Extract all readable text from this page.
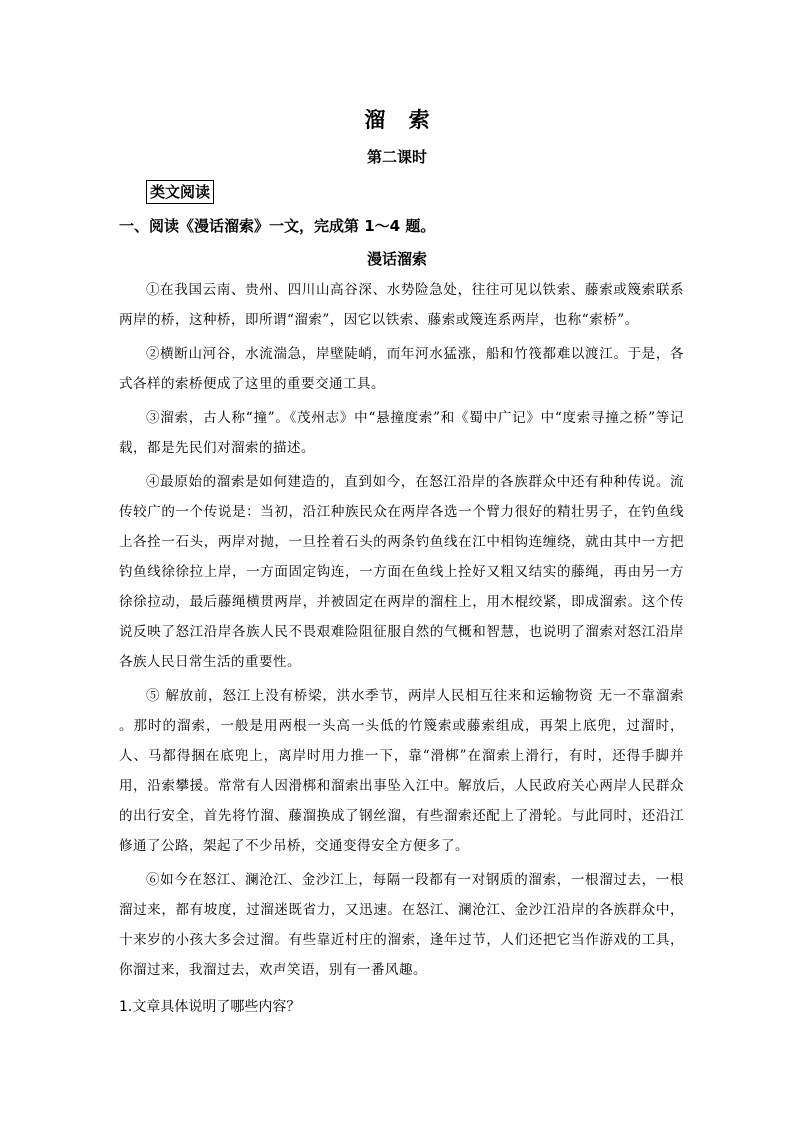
溜 索
第二课时
类文阅读
一、阅读《漫话溜索》一文，完成第 1～4 题。
漫话溜索

①在我国云南、贵州、四川山高谷深、水势险急处，往往可见以铁索、藤索或篾索联系两岸的桥，这种桥，即所谓“溜索”，因它以铁索、藤索或篾连系两岸，也称“索桥”。

②横断山河谷，水流湍急，岸壁陡峭，而年河水猛涨，船和竹筏都难以渡江。于是，各式各样的索桥便成了这里的重要交通工具。

③溜索，古人称“撞”。《茂州志》中“悬撞度索”和《蜀中广记》中“度索寻撞之桥”等记载，都是先民们对溜索的描述。

④最原始的溜索是如何建造的，直到如今，在怒江沿岸的各族群众中还有种种传说。流传较广的一个传说是：当初，沿江种族民众在两岸各选一个臂力很好的精壮男子，在钓鱼线上各拴一石头，两岸对抛，一旦拴着石头的两条钓鱼线在江中相钩连缠绕，就由其中一方把钓鱼线徐徐拉上岸，一方面固定钩连，一方面在鱼线上拴好又粗又结实的藤绳，再由另一方徐徐拉动，最后藤绳横贯两岸，并被固定在两岸的溜柱上，用木棍绞紧，即成溜索。这个传说反映了怒江沿岸各族人民不畏艰难险阻征服自然的气概和智慧，也说明了溜索对怒江沿岸各族人民日常生活的重要性。

⑤ 解放前，怒江上没有桥梁，洪水季节，两岸人民相互往来和运输物资 无一不靠溜索 。那时的溜索，一般是用两根一头高一头低的竹篾索或藤索组成，再架上底兜，过溜时，人、马都得捆在底兜上，离岸时用力推一下，靠“滑梆”在溜索上滑行，有时，还得手脚并用，沿索攀援。常常有人因滑梆和溜索出事坠入江中。解放后，人民政府关心两岸人民群众的出行安全，首先将竹溜、藤溜换成了钢丝溜，有些溜索还配上了滑轮。与此同时，还沿江修通了公路，架起了不少吊桥，交通变得安全方便多了。

⑥如今在怒江、澜沧江、金沙江上，每隔一段都有一对钢质的溜索，一根溜过去，一根溜过来，都有坡度，过溜迷既省力，又迅速。在怒江、澜沧江、金沙江沿岸的各族群众中，十来岁的小孩大多会过溜。有些靠近村庄的溜索，逢年过节，人们还把它当作游戏的工具，你溜过来，我溜过去，欢声笑语，别有一番风趣。

1.文章具体说明了哪些内容？
